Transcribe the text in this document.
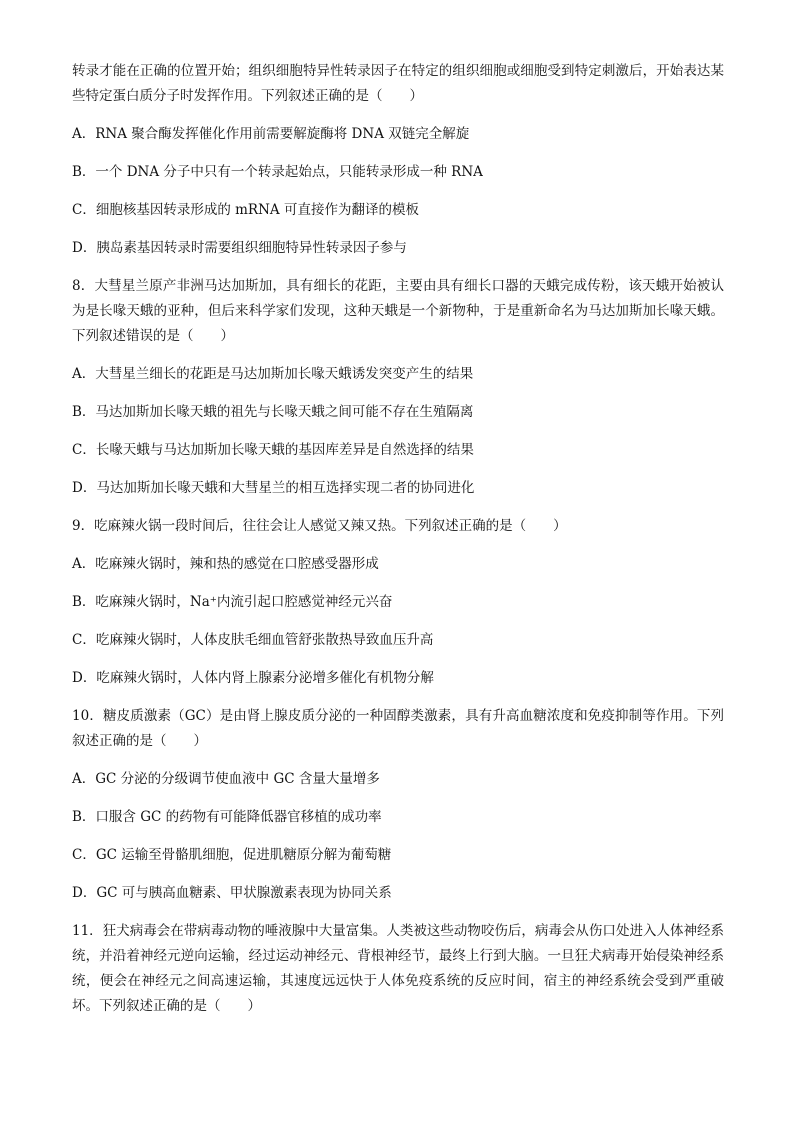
转录才能在正确的位置开始；组织细胞特异性转录因子在特定的组织细胞或细胞受到特定刺激后，开始表达某些特定蛋白质分子时发挥作用。下列叙述正确的是（　　）

A．RNA 聚合酶发挥催化作用前需要解旋酶将 DNA 双链完全解旋

B．一个 DNA 分子中只有一个转录起始点，只能转录形成一种 RNA

C．细胞核基因转录形成的 mRNA 可直接作为翻译的模板

D．胰岛素基因转录时需要组织细胞特异性转录因子参与

8．大彗星兰原产非洲马达加斯加，具有细长的花距，主要由具有细长口器的天蛾完成传粉，该天蛾开始被认为是长喙天蛾的亚种，但后来科学家们发现，这种天蛾是一个新物种，于是重新命名为马达加斯加长喙天蛾。下列叙述错误的是（　　）

A．大彗星兰细长的花距是马达加斯加长喙天蛾诱发突变产生的结果

B．马达加斯加长喙天蛾的祖先与长喙天蛾之间可能不存在生殖隔离

C．长喙天蛾与马达加斯加长喙天蛾的基因库差异是自然选择的结果

D．马达加斯加长喙天蛾和大彗星兰的相互选择实现二者的协同进化

9．吃麻辣火锅一段时间后，往往会让人感觉又辣又热。下列叙述正确的是（　　）

A．吃麻辣火锅时，辣和热的感觉在口腔感受器形成

B．吃麻辣火锅时，Na⁺内流引起口腔感觉神经元兴奋

C．吃麻辣火锅时，人体皮肤毛细血管舒张散热导致血压升高

D．吃麻辣火锅时，人体内肾上腺素分泌增多催化有机物分解

10．糖皮质激素（GC）是由肾上腺皮质分泌的一种固醇类激素，具有升高血糖浓度和免疫抑制等作用。下列叙述正确的是（　　）

A．GC 分泌的分级调节使血液中 GC 含量大量增多

B．口服含 GC 的药物有可能降低器官移植的成功率

C．GC 运输至骨骼肌细胞，促进肌糖原分解为葡萄糖

D．GC 可与胰高血糖素、甲状腺激素表现为协同关系

11．狂犬病毒会在带病毒动物的唾液腺中大量富集。人类被这些动物咬伤后，病毒会从伤口处进入人体神经系统，并沿着神经元逆向运输，经过运动神经元、背根神经节，最终上行到大脑。一旦狂犬病毒开始侵染神经系统，便会在神经元之间高速运输，其速度远远快于人体免疫系统的反应时间，宿主的神经系统会受到严重破坏。下列叙述正确的是（　　）
